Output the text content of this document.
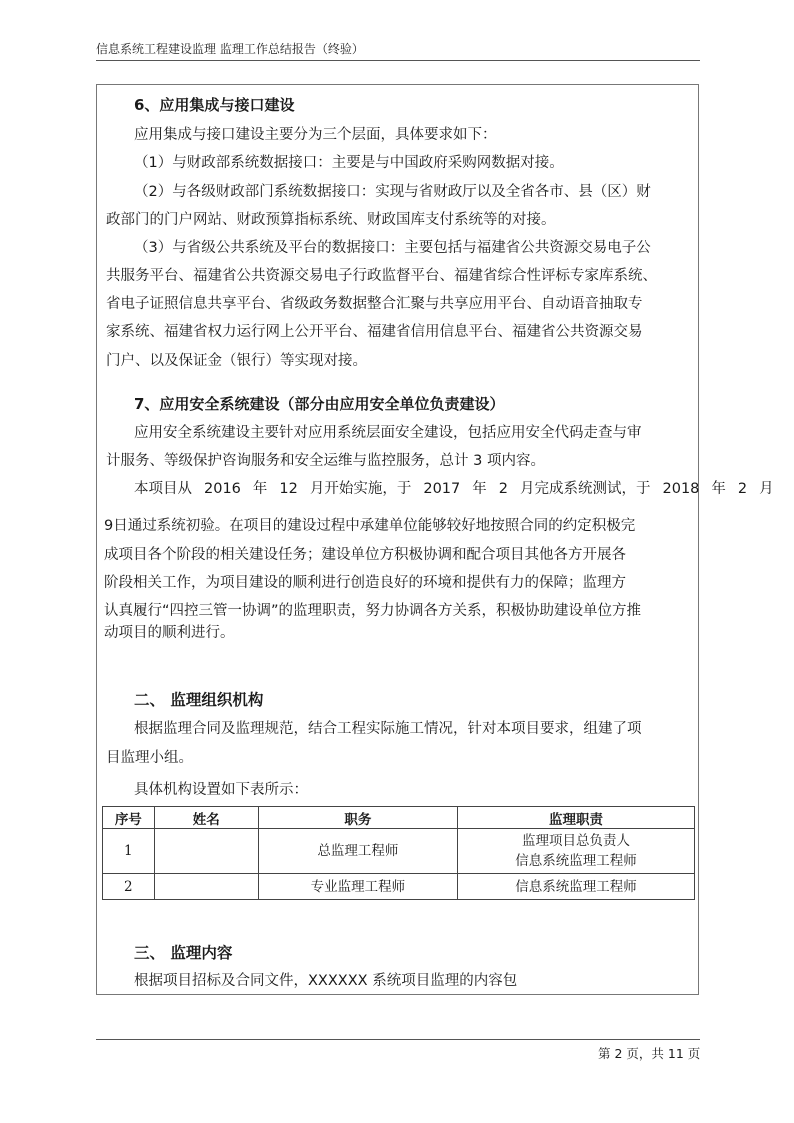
信息系统工程建设监理 监理工作总结报告（终验）
6、应用集成与接口建设
应用集成与接口建设主要分为三个层面，具体要求如下：
（1）与财政部系统数据接口：主要是与中国政府采购网数据对接。
（2）与各级财政部门系统数据接口：实现与省财政厅以及全省各市、县（区）财
政部门的门户网站、财政预算指标系统、财政国库支付系统等的对接。
（3）与省级公共系统及平台的数据接口：主要包括与福建省公共资源交易电子公
共服务平台、福建省公共资源交易电子行政监督平台、福建省综合性评标专家库系统、
省电子证照信息共享平台、省级政务数据整合汇聚与共享应用平台、自动语音抽取专
家系统、福建省权力运行网上公开平台、福建省信用信息平台、福建省公共资源交易
门户、以及保证金（银行）等实现对接。
7、应用安全系统建设（部分由应用安全单位负责建设）
应用安全系统建设主要针对应用系统层面安全建设，包括应用安全代码走查与审
计服务、等级保护咨询服务和安全运维与监控服务，总计 3 项内容。
本项目从 2016 年 12 月开始实施，于 2017 年 2 月完成系统测试，于 2018 年 2 月
9日通过系统初验。在项目的建设过程中承建单位能够较好地按照合同的约定积极完
成项目各个阶段的相关建设任务；建设单位方积极协调和配合项目其他各方开展各
阶段相关工作，为项目建设的顺利进行创造良好的环境和提供有力的保障；监理方
认真履行“四控三管一协调”的监理职责，努力协调各方关系，积极协助建设单位方推
动项目的顺利进行。
二、 监理组织机构
根据监理合同及监理规范，结合工程实际施工情况，针对本项目要求，组建了项
目监理小组。
具体机构设置如下表所示：
序号	姓名	职务	监理职责
1		总监理工程师	监理项目总负责人
信息系统监理工程师

2		专业监理工程师	信息系统监理工程师
三、 监理内容
根据项目招标及合同文件，XXXXXX 系统项目监理的内容包
第 2 页，共 11 页
